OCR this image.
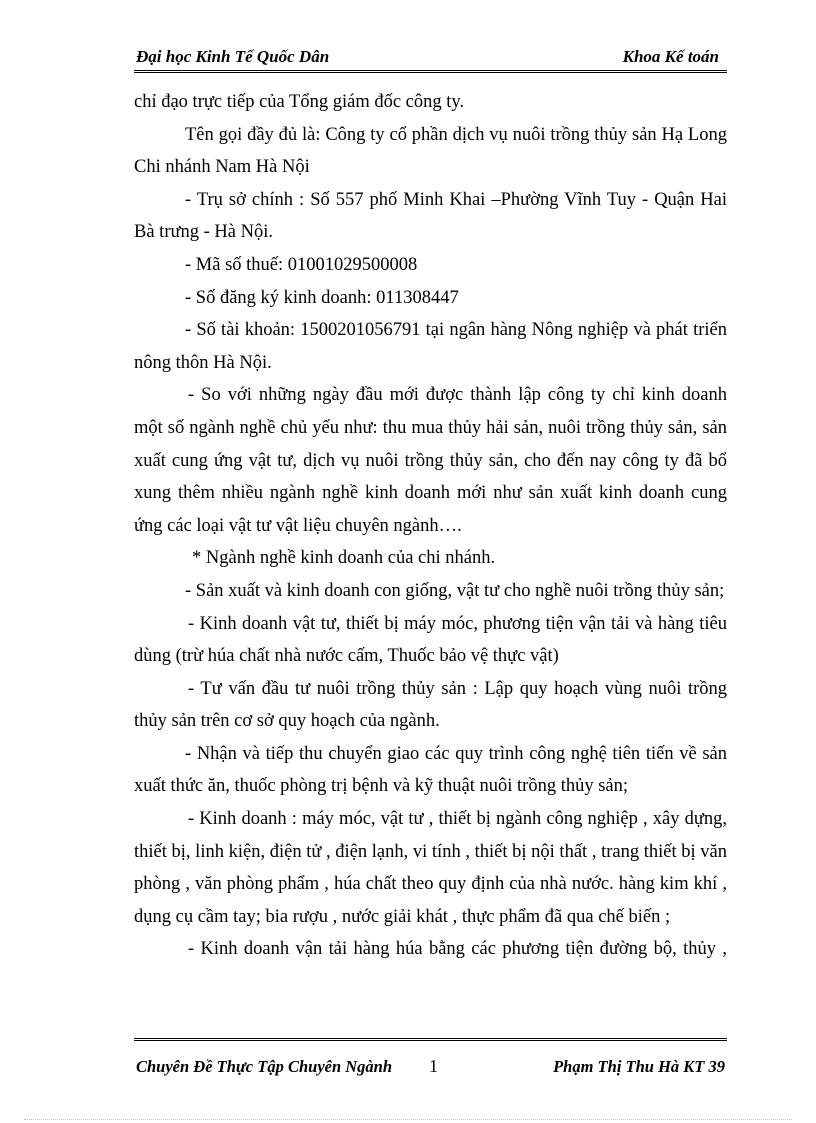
Đại học Kinh Tế Quốc Dân	Khoa Kế toán

chỉ đạo trực tiếp của Tổng giám đốc công ty.

Tên gọi đầy đủ là: Công ty cổ phần dịch vụ nuôi trồng thủy sản Hạ Long Chi nhánh Nam Hà Nội

- Trụ sở chính : Số 557 phố Minh Khai –Phường Vĩnh Tuy - Quận Hai Bà trưng - Hà Nội.

- Mã số thuế: 01001029500008

- Số đăng ký kinh doanh: 011308447

- Số tài khoản: 1500201056791 tại ngân hàng Nông nghiệp và phát triển nông thôn Hà Nội.

- So với những ngày đầu mới được thành lập công ty chỉ kinh doanh một số ngành nghề chủ yếu như: thu mua thủy hải sản, nuôi trồng thủy sản, sản xuất cung ứng vật tư, dịch vụ nuôi trồng thủy sản, cho đến nay công ty đã bổ xung thêm nhiều ngành nghề kinh doanh mới như sản xuất kinh doanh cung ứng các loại vật tư vật liệu chuyên ngành….

* Ngành nghề kinh doanh của chi nhánh.

- Sản xuất và kinh doanh con giống, vật tư cho nghề nuôi trồng thủy sản;

- Kinh doanh vật tư, thiết bị máy móc, phương tiện vận tải và hàng tiêu dùng (trừ húa chất nhà nước cấm, Thuốc bảo vệ thực vật)

- Tư vấn đầu tư nuôi trồng thủy sản : Lập quy hoạch vùng nuôi trồng thủy sản trên cơ sở quy hoạch của ngành.

- Nhận và tiếp thu chuyển giao các quy trình công nghệ tiên tiến về sản xuất thức ăn, thuốc phòng trị bệnh và kỹ thuật nuôi trồng thủy sản;

- Kinh doanh : máy móc, vật tư , thiết bị ngành công nghiệp , xây dựng, thiết bị, linh kiện, điện tử , điện lạnh, vi tính , thiết bị nội thất , trang thiết bị văn phòng , văn phòng phẩm , húa chất theo quy định của nhà nước. hàng kim khí , dụng cụ cầm tay; bia rượu , nước giải khát , thực phẩm đã qua chế biến ;

- Kinh doanh vận tải hàng húa bằng các phương tiện đường bộ, thủy ,

Chuyên Đề Thực Tập Chuyên Ngành 1	Phạm Thị Thu Hà KT 39
